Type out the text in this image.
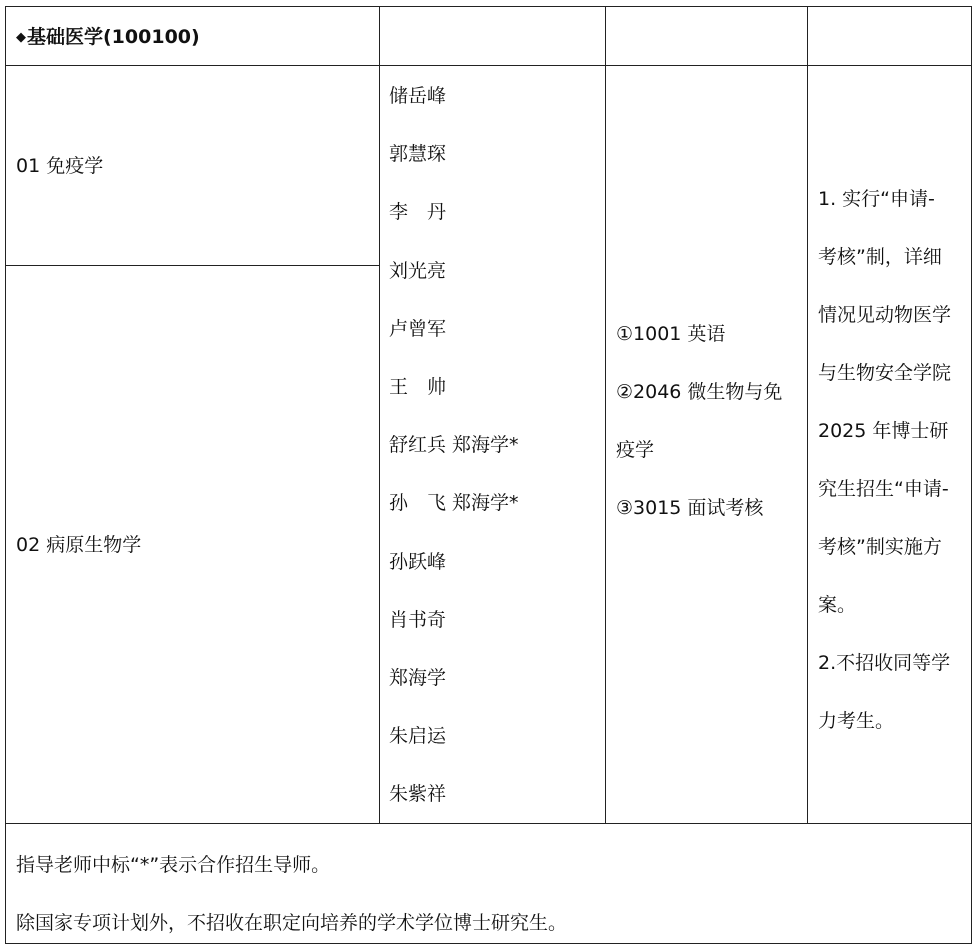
◆基础医学(100100)
01 免疫学
02 病原生物学
储岳峰
郭慧琛
李　丹
刘光亮
卢曾军
王　帅
舒红兵 郑海学*
孙　飞 郑海学*
孙跃峰
肖书奇
郑海学
朱启运
朱紫祥

①1001 英语

②2046 微生物与免

疫学

③3015 面试考核

1. 实行“申请-

考核”制，详细

情况见动物医学

与生物安全学院

2025 年博士研

究生招生“申请-

考核”制实施方

案。

2.不招收同等学

力考生。

指导老师中标“*”表示合作招生导师。

除国家专项计划外，不招收在职定向培养的学术学位博士研究生。
